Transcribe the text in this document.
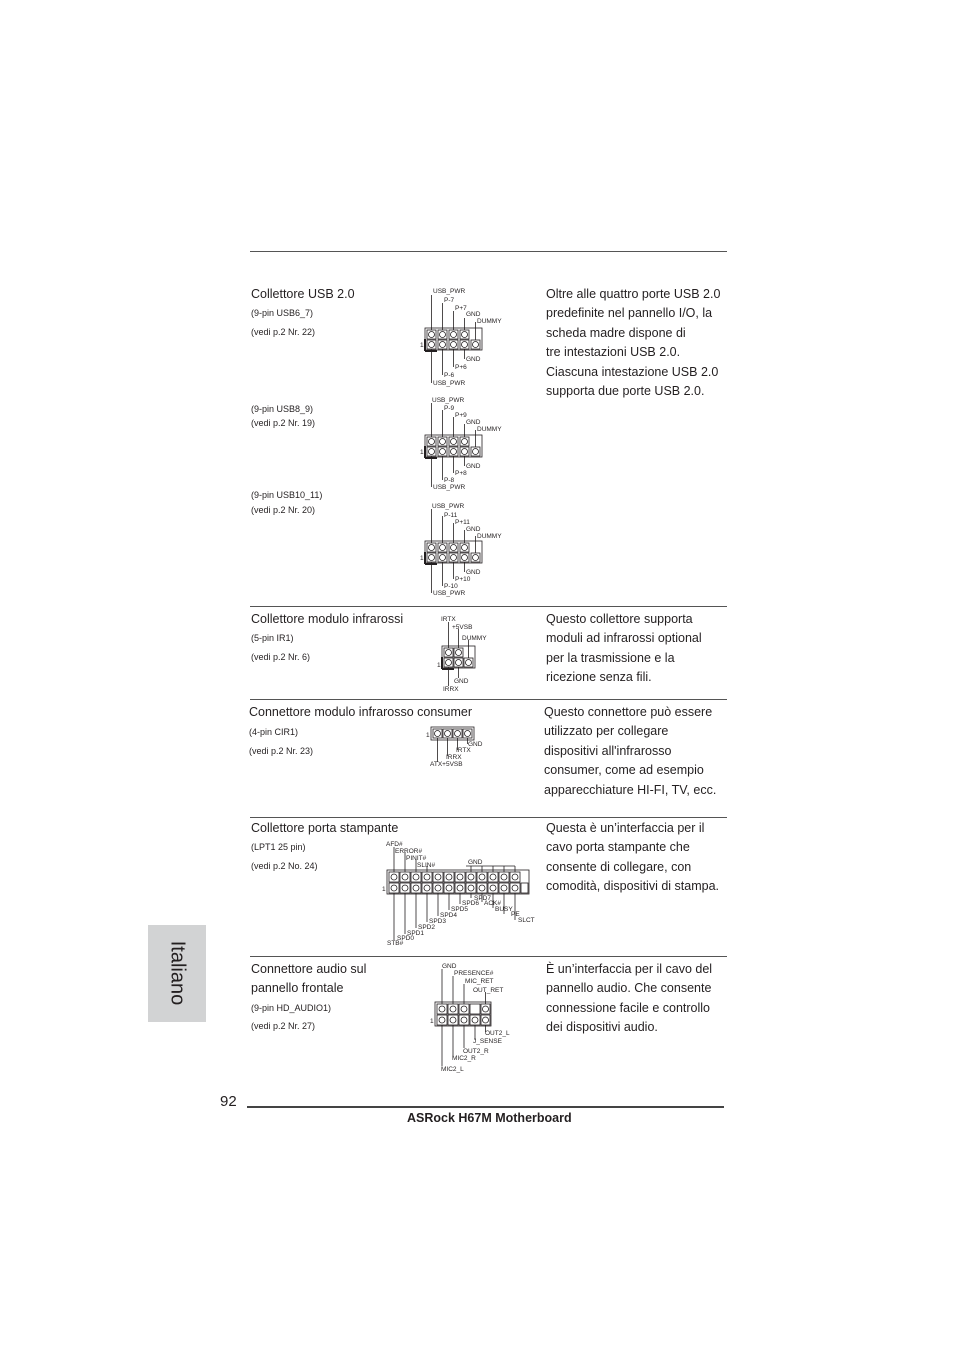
Collettore USB 2.0
(9-pin USB6_7)
(vedi p.2 Nr. 22)
(9-pin USB8_9)
(vedi p.2 Nr. 19)
(9-pin USB10_11)
(vedi p.2 Nr. 20)
Oltre alle quattro porte USB 2.0
predefinite nel pannello I/O, la
scheda madre dispone di
tre intestazioni USB 2.0.
Ciascuna intestazione USB 2.0
supporta due porte USB 2.0.
USB_PWR
P-7
P+7
GND
DUMMY
GND
P+6
P-6
USB_PWR
1
USB_PWR
P-9
P+9
GND
DUMMY
GND
P+8
P-8
USB_PWR
1
USB_PWR
P-11
P+11
GND
DUMMY
GND
P+10
P-10
USB_PWR
1
Collettore modulo infrarossi
(5-pin IR1)
(vedi p.2 Nr. 6)
Questo collettore supporta
moduli ad infrarossi optional
per la trasmissione e la
ricezione senza fili.
IRTX
+5VSB
DUMMY
GND
IRRX
1
Connettore modulo infrarosso consumer
(4-pin CIR1)
(vedi p.2 Nr. 23)
Questo connettore può essere
utilizzato per collegare
dispositivi all'infrarosso
consumer, come ad esempio
apparecchiature HI-FI, TV, ecc.
GND
IRTX
IRRX
ATX+5VSB
1
Collettore porta stampante
(LPT1 25 pin)
(vedi p.2 No. 24)
Questa è un’interfaccia per il
cavo porta stampante che
consente di collegare, con
comodità, dispositivi di stampa.
AFD#
ERROR#
PINIT#
SLIN#	GND
SPD7
SPD6
SPD5
SPD4
SPD3
SPD2
SPD1
SPD0
STB#
ACK#
BUSY
PE
SLCT
1
Connettore audio sul
pannello frontale
(9-pin HD_AUDIO1)
(vedi p.2 Nr. 27)
È un’interfaccia per il cavo del
pannello audio. Che consente
connessione facile e controllo
dei dispositivi audio.
GND
PRESENCE#
MIC_RET
OUT_RET
OUT2_L
J_SENSE
OUT2_R
MIC2_R
MIC2_L
1
Italiano
92
ASRock H67M Motherboard
